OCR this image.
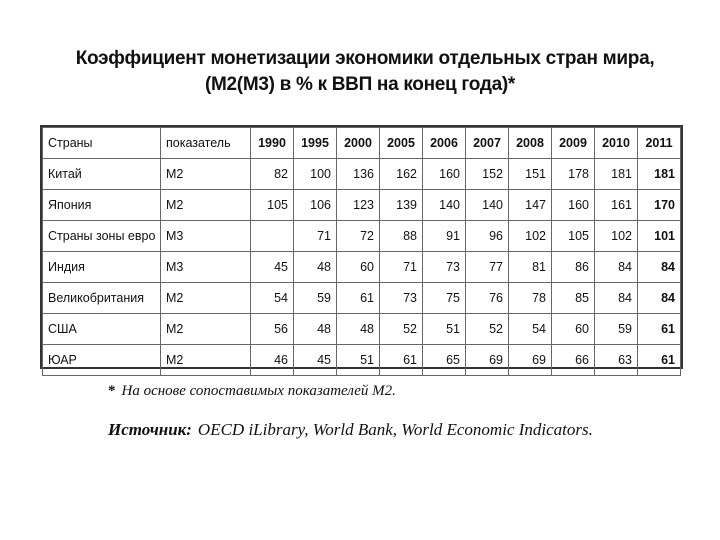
Коэффициент монетизации экономики отдельных стран мира,
(М2(М3) в % к ВВП на конец года)*
Страны	показатель	1990	1995	2000	2005	2006	2007	2008	2009	2010	2011
Китай	М2	82	100	136	162	160	152	151	178	181	181
Япония	М2	105	106	123	139	140	140	147	160	161	170
Страны зоны евро	М3		71	72	88	91	96	102	105	102	101
Индия	М3	45	48	60	71	73	77	81	86	84	84
Великобритания	М2	54	59	61	73	75	76	78	85	84	84
США	М2	56	48	48	52	51	52	54	60	59	61
ЮАР	М2	46	45	51	61	65	69	69	66	63	61
* На основе сопоставимых показателей М2.
Источник: OECD iLibrary, World Bank, World Economic Indicators.
